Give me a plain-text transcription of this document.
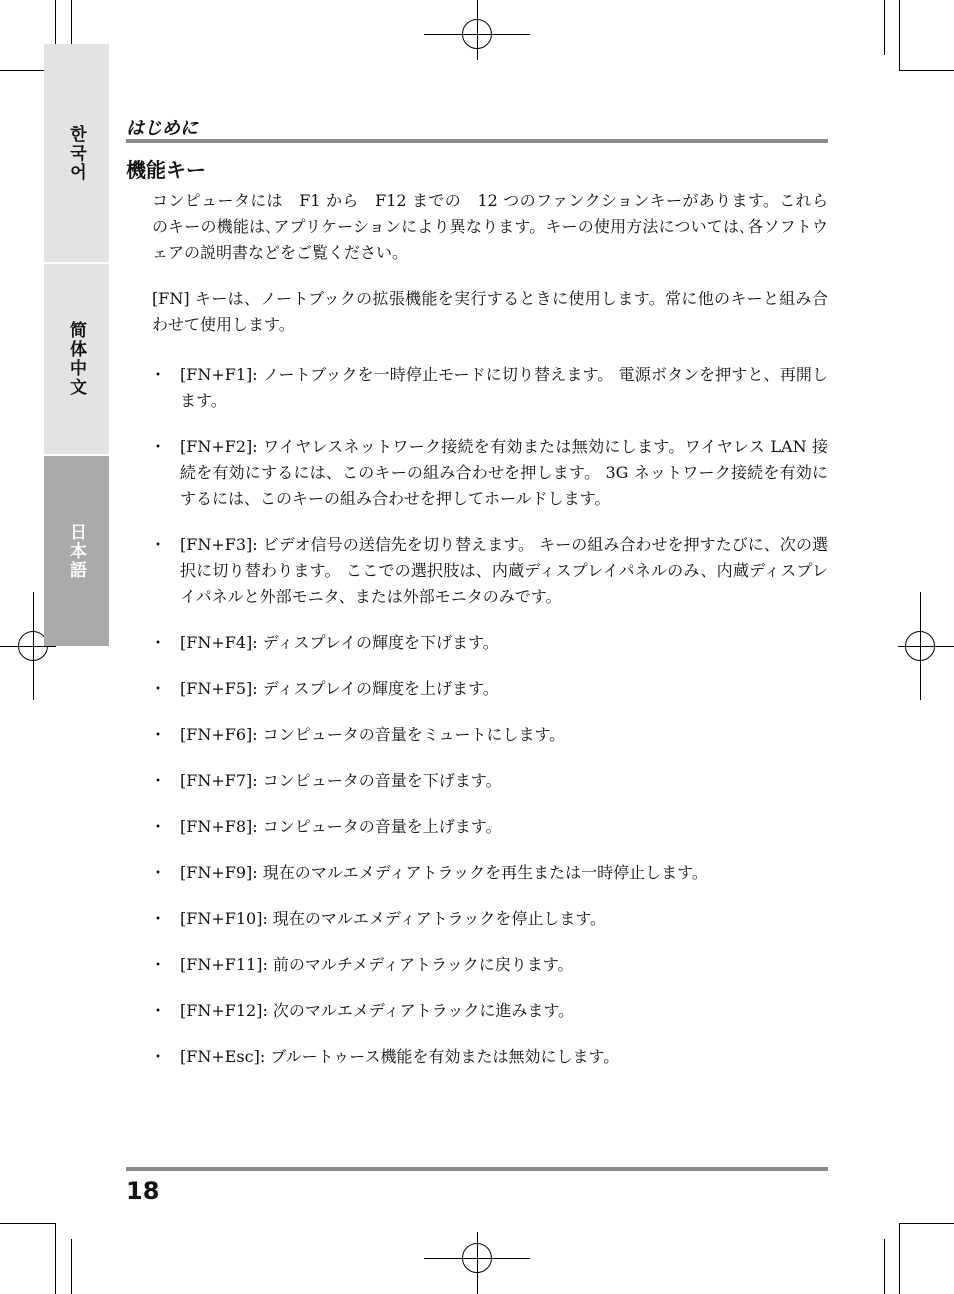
한국어
简体中文
日本語
はじめに
機能キー

コンピュータには　F1 から　F12 までの　12 つのファンクションキーがあります。これらのキーの機能は､アプリケーションにより異なります。キーの使用方法については､各ソフトウェアの説明書などをご覧ください。

[FN] キーは、ノートブックの拡張機能を実行するときに使用します。常に他のキーと組み合わせて使用します。

・ [FN+F1]: ノートブックを一時停止モードに切り替えます。 電源ボタンを押すと、再開します。
・ [FN+F2]: ワイヤレスネットワーク接続を有効または無効にします。ワイヤレス LAN 接続を有効にするには、このキーの組み合わせを押します。 3G ネットワーク接続を有効にするには、このキーの組み合わせを押してホールドします。
・ [FN+F3]: ビデオ信号の送信先を切り替えます。 キーの組み合わせを押すたびに、次の選択に切り替わります。 ここでの選択肢は、内蔵ディスプレイパネルのみ、内蔵ディスプレイパネルと外部モニタ、または外部モニタのみです。
・ [FN+F4]: ディスプレイの輝度を下げます。
・ [FN+F5]: ディスプレイの輝度を上げます。
・ [FN+F6]: コンピュータの音量をミュートにします。
・ [FN+F7]: コンピュータの音量を下げます。
・ [FN+F8]: コンピュータの音量を上げます。
・ [FN+F9]: 現在のマルエメディアトラックを再生または一時停止します。
・ [FN+F10]: 現在のマルエメディアトラックを停止します。
・ [FN+F11]: 前のマルチメディアトラックに戻ります。
・ [FN+F12]: 次のマルエメディアトラックに進みます。
・ [FN+Esc]: ブルートゥース機能を有効または無効にします。
18
